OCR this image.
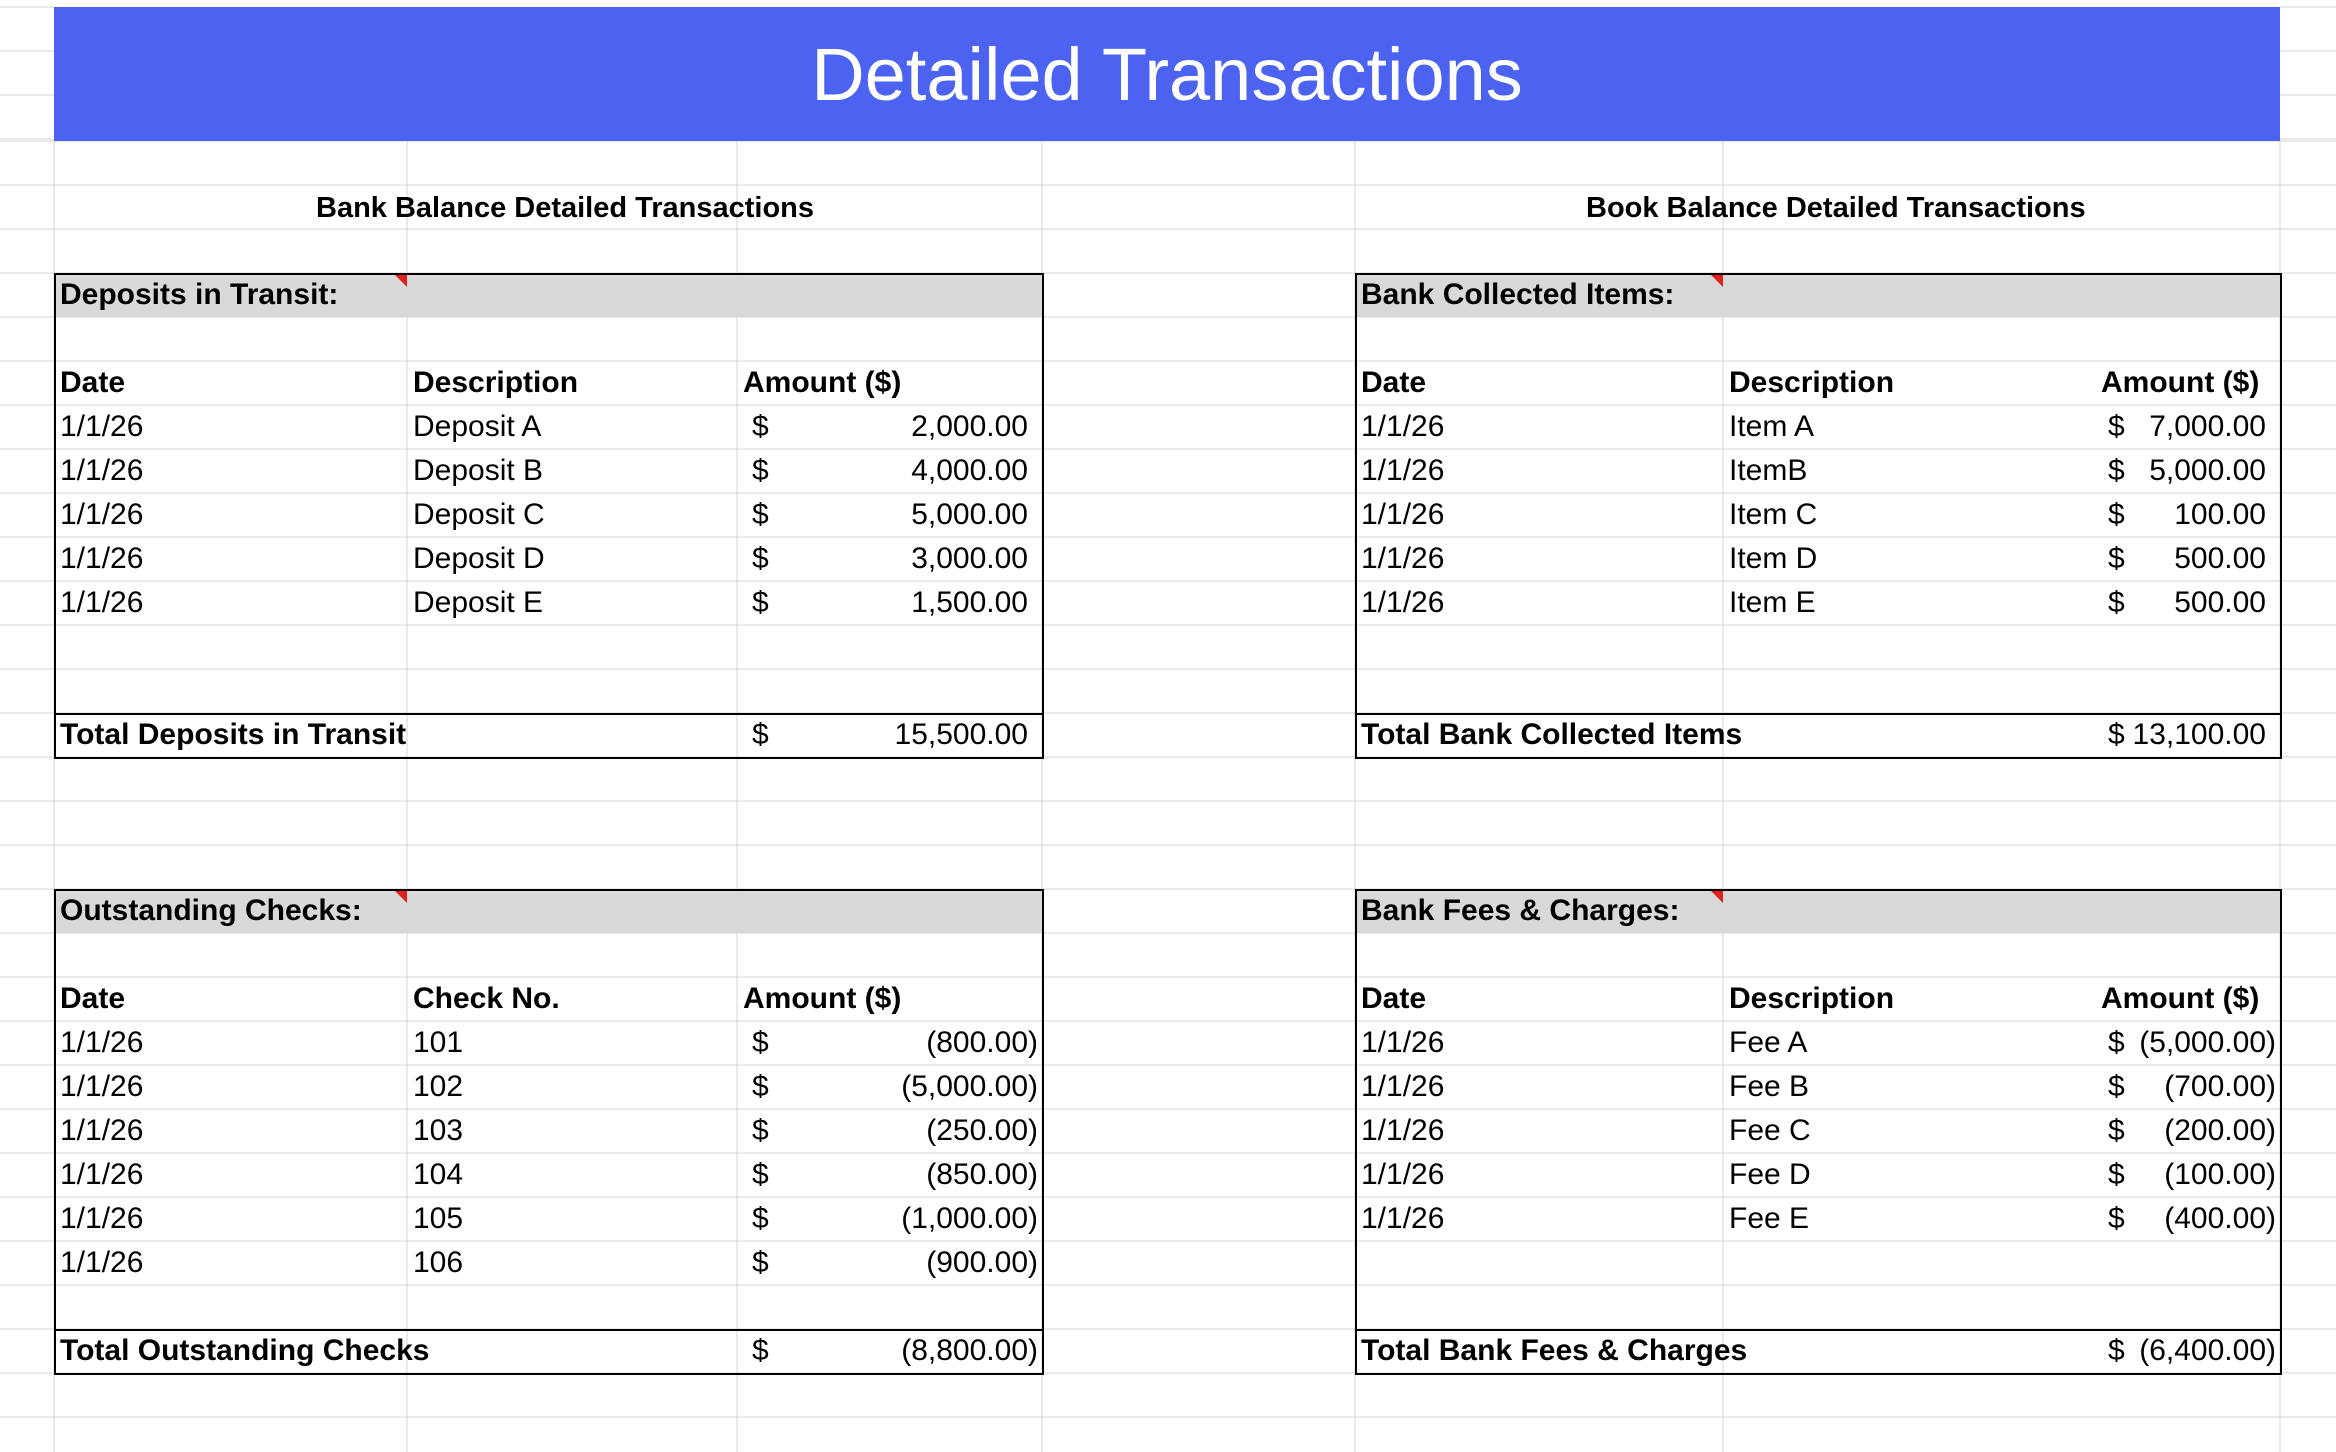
Detailed Transactions
Bank Balance Detailed Transactions	Book Balance Detailed Transactions
Deposits in Transit:
Date	Description	Amount ($)
1/1/26	Deposit A	$	2,000.00
1/1/26	Deposit B	$	4,000.00
1/1/26	Deposit C	$	5,000.00
1/1/26	Deposit D	$	3,000.00
1/1/26	Deposit E	$	1,500.00
Total Deposits in Transit	$	15,500.00
Bank Collected Items:
Date	Description	Amount ($)
1/1/26	Item A	$ 7,000.00
1/1/26	ItemB	$ 5,000.00
1/1/26	Item C	$	100.00
1/1/26	Item D	$	500.00
1/1/26	Item E	$	500.00
Total Bank Collected Items	$ 13,100.00
Outstanding Checks:
Date	Check No.	Amount ($)
1/1/26	101	$	(800.00)
1/1/26	102	$	(5,000.00)
1/1/26	103	$	(250.00)
1/1/26	104	$	(850.00)
1/1/26	105	$	(1,000.00)
1/1/26	106	$	(900.00)
Total Outstanding Checks	$	(8,800.00)
Bank Fees & Charges:
Date	Description	Amount ($)
1/1/26	Fee A	$ (5,000.00)
1/1/26	Fee B	$	(700.00)
1/1/26	Fee C	$	(200.00)
1/1/26	Fee D	$	(100.00)
1/1/26	Fee E	$	(400.00)
Total Bank Fees & Charges	$ (6,400.00)
